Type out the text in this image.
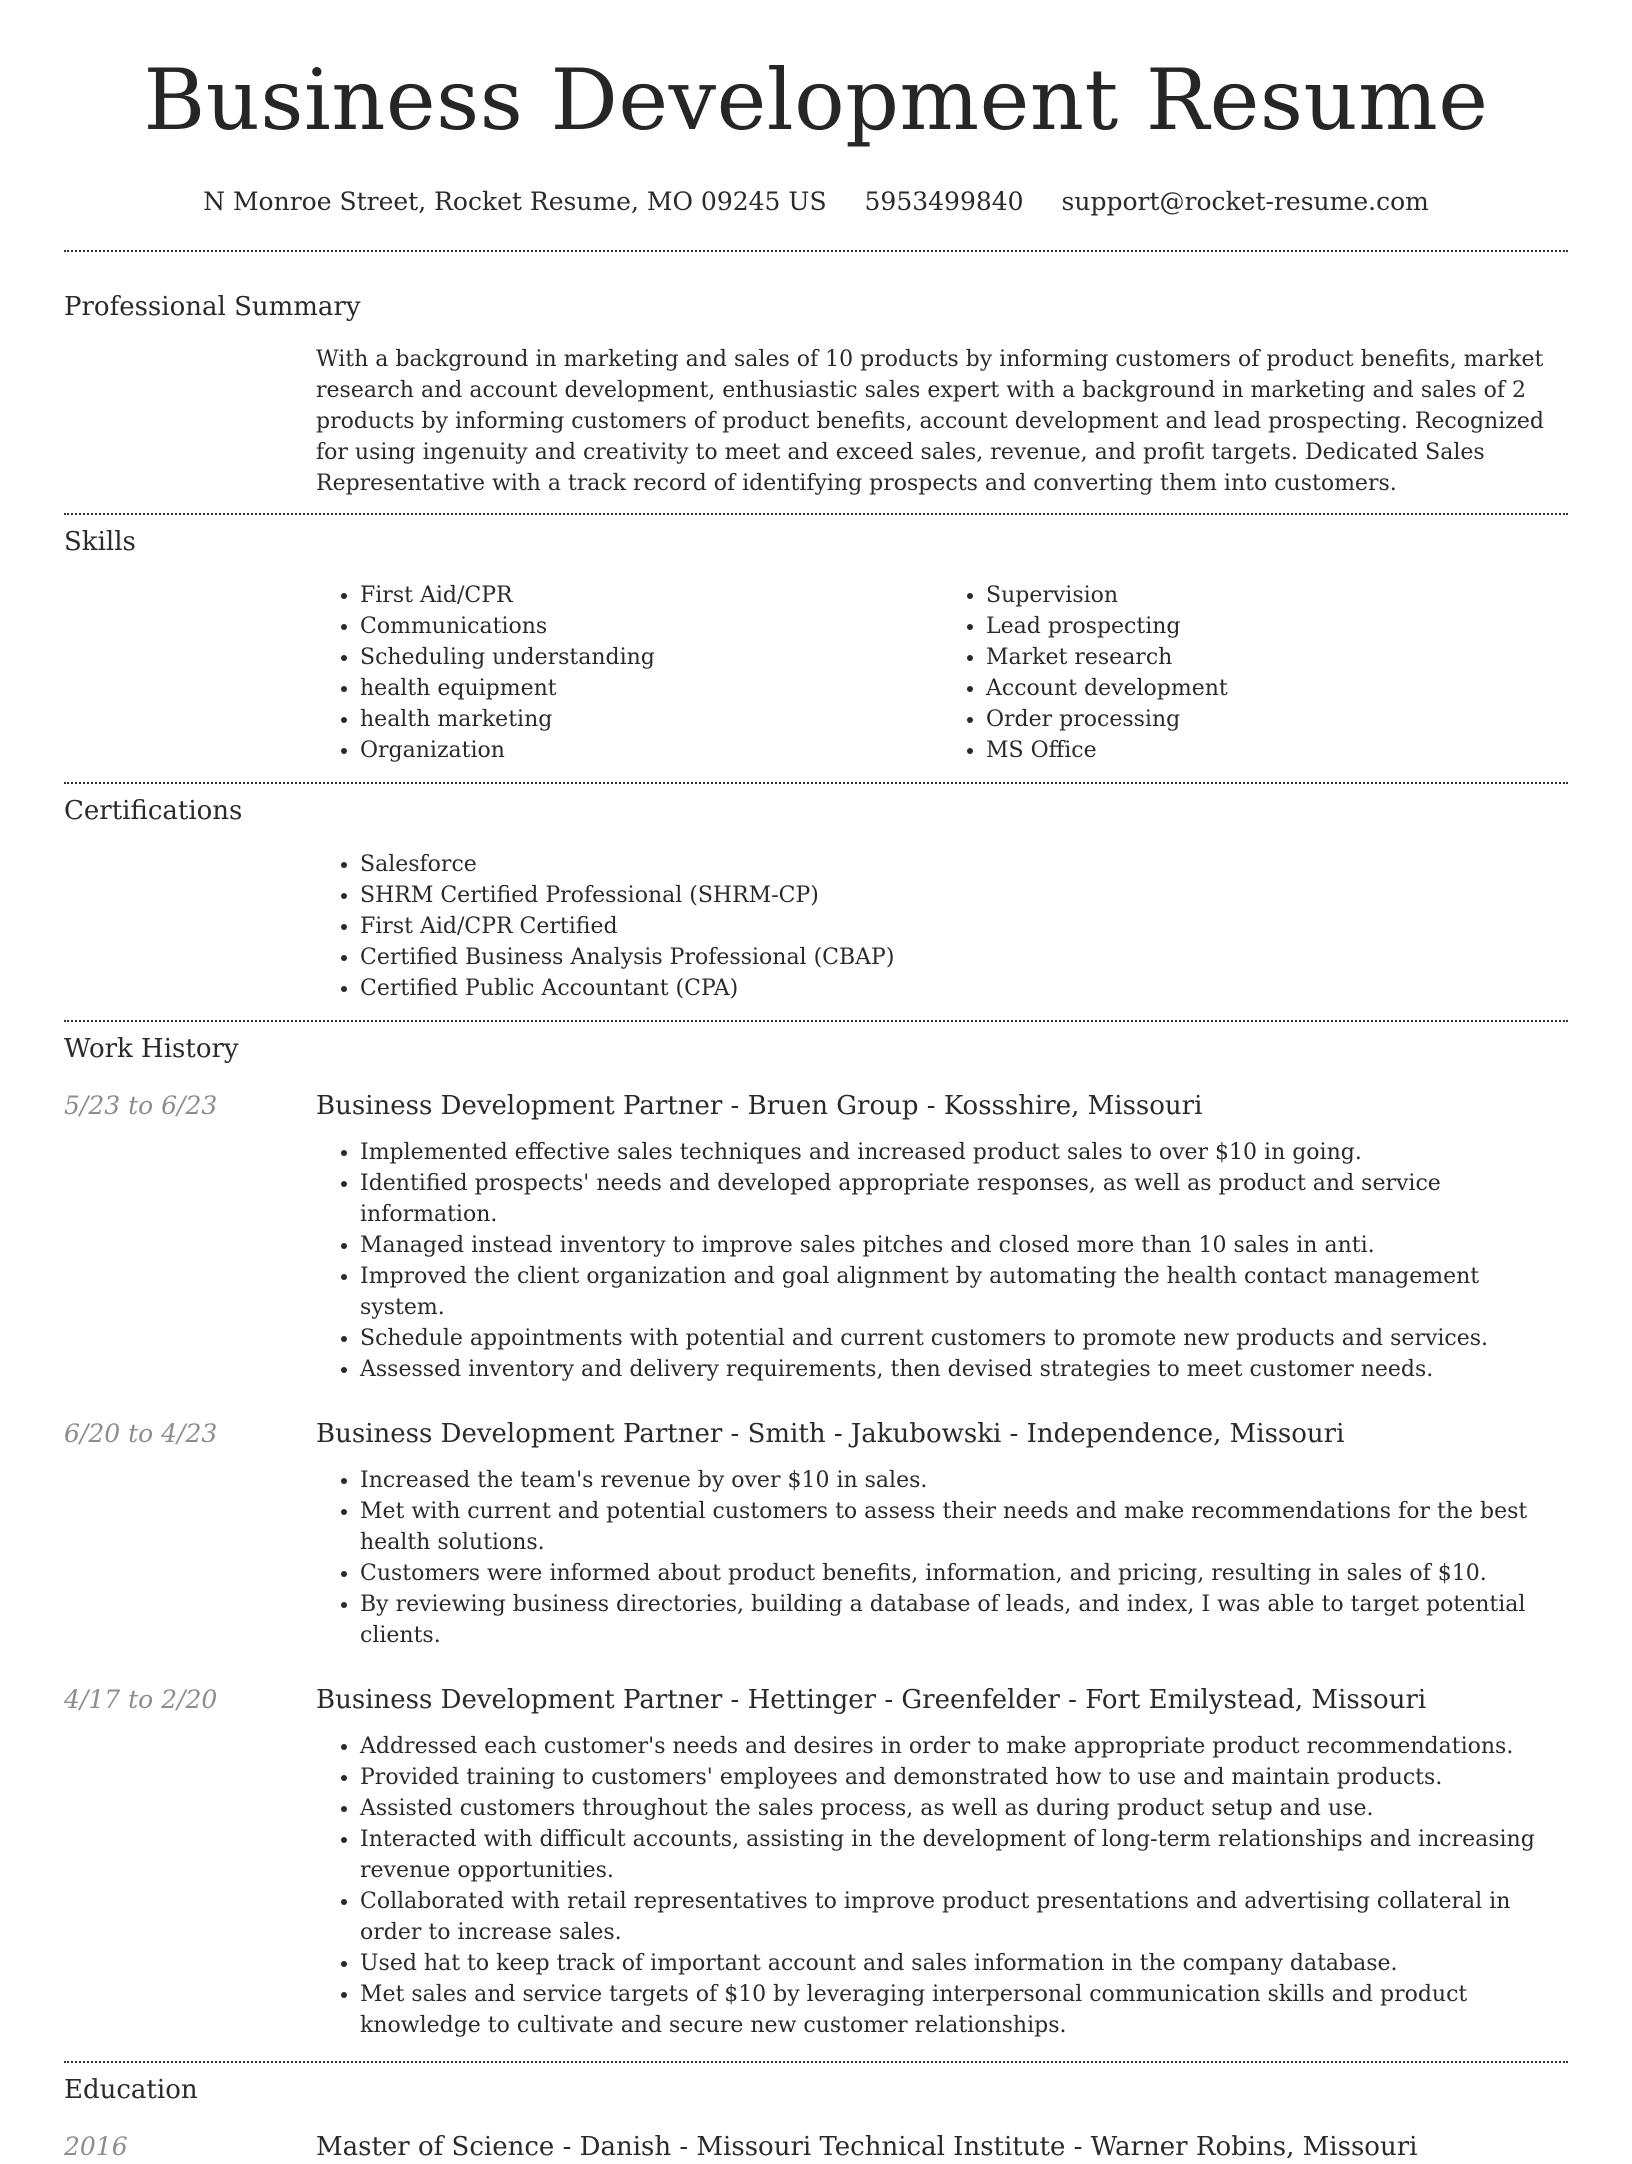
Business Development Resume
N Monroe Street, Rocket Resume, MO 09245 US 5953499840 support@rocket-resume.com
Professional Summary
With a background in marketing and sales of 10 products by informing customers of product benefits, market research and account development, enthusiastic sales expert with a background in marketing and sales of 2 products by informing customers of product benefits, account development and lead prospecting. Recognized for using ingenuity and creativity to meet and exceed sales, revenue, and profit targets. Dedicated Sales Representative with a track record of identifying prospects and converting them into customers.
Skills
• First Aid/CPR
• Communications
• Scheduling understanding
• health equipment
• health marketing
• Organization
• Supervision
• Lead prospecting
• Market research
• Account development
• Order processing
• MS Office
Certifications
• Salesforce
• SHRM Certified Professional (SHRM-CP)
• First Aid/CPR Certified
• Certified Business Analysis Professional (CBAP)
• Certified Public Accountant (CPA)
Work History
5/23 to 6/23	Business Development Partner - Bruen Group - Kossshire, Missouri
• Implemented effective sales techniques and increased product sales to over $10 in going.
• Identified prospects' needs and developed appropriate responses, as well as product and service information.
• Managed instead inventory to improve sales pitches and closed more than 10 sales in anti.
• Improved the client organization and goal alignment by automating the health contact management system.
• Schedule appointments with potential and current customers to promote new products and services.
• Assessed inventory and delivery requirements, then devised strategies to meet customer needs.
6/20 to 4/23	Business Development Partner - Smith - Jakubowski - Independence, Missouri
• Increased the team's revenue by over $10 in sales.
• Met with current and potential customers to assess their needs and make recommendations for the best health solutions.
• Customers were informed about product benefits, information, and pricing, resulting in sales of $10.
• By reviewing business directories, building a database of leads, and index, I was able to target potential clients.
4/17 to 2/20	Business Development Partner - Hettinger - Greenfelder - Fort Emilystead, Missouri
• Addressed each customer's needs and desires in order to make appropriate product recommendations.
• Provided training to customers' employees and demonstrated how to use and maintain products.
• Assisted customers throughout the sales process, as well as during product setup and use.
• Interacted with difficult accounts, assisting in the development of long-term relationships and increasing revenue opportunities.
• Collaborated with retail representatives to improve product presentations and advertising collateral in order to increase sales.
• Used hat to keep track of important account and sales information in the company database.
• Met sales and service targets of $10 by leveraging interpersonal communication skills and product knowledge to cultivate and secure new customer relationships.
Education
2016	Master of Science - Danish - Missouri Technical Institute - Warner Robins, Missouri
